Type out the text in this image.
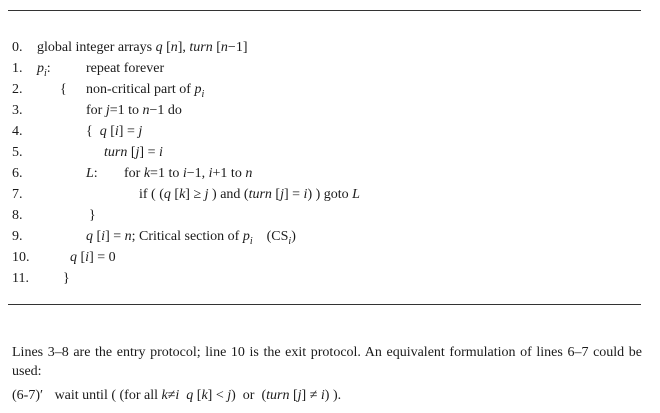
0. global integer arrays q [n], turn [n−1]
1. $p_i$:	repeat forever
2.	{ non-critical part of $p_i$
3.	for j=1 to n−1 do
4.	{  q [i] = j
5.	turn [j] = i
6.	L: for k=1 to i−1, i+1 to n
7.	if ( (q [k] ≥ j ) and (turn [j] = i) ) goto L
8.	}
9.	q [i] = n; Critical section of $p_i$    $(CS_i)$
10.	q [i] = 0
11. }
Lines 3–8 are the entry protocol; line 10 is the exit protocol. An equivalent formulation of lines 6–7 could be used:
(6-7)′ wait until ( (for all k≠i q [k] < j)  or  (turn [j] ≠ i) ).
